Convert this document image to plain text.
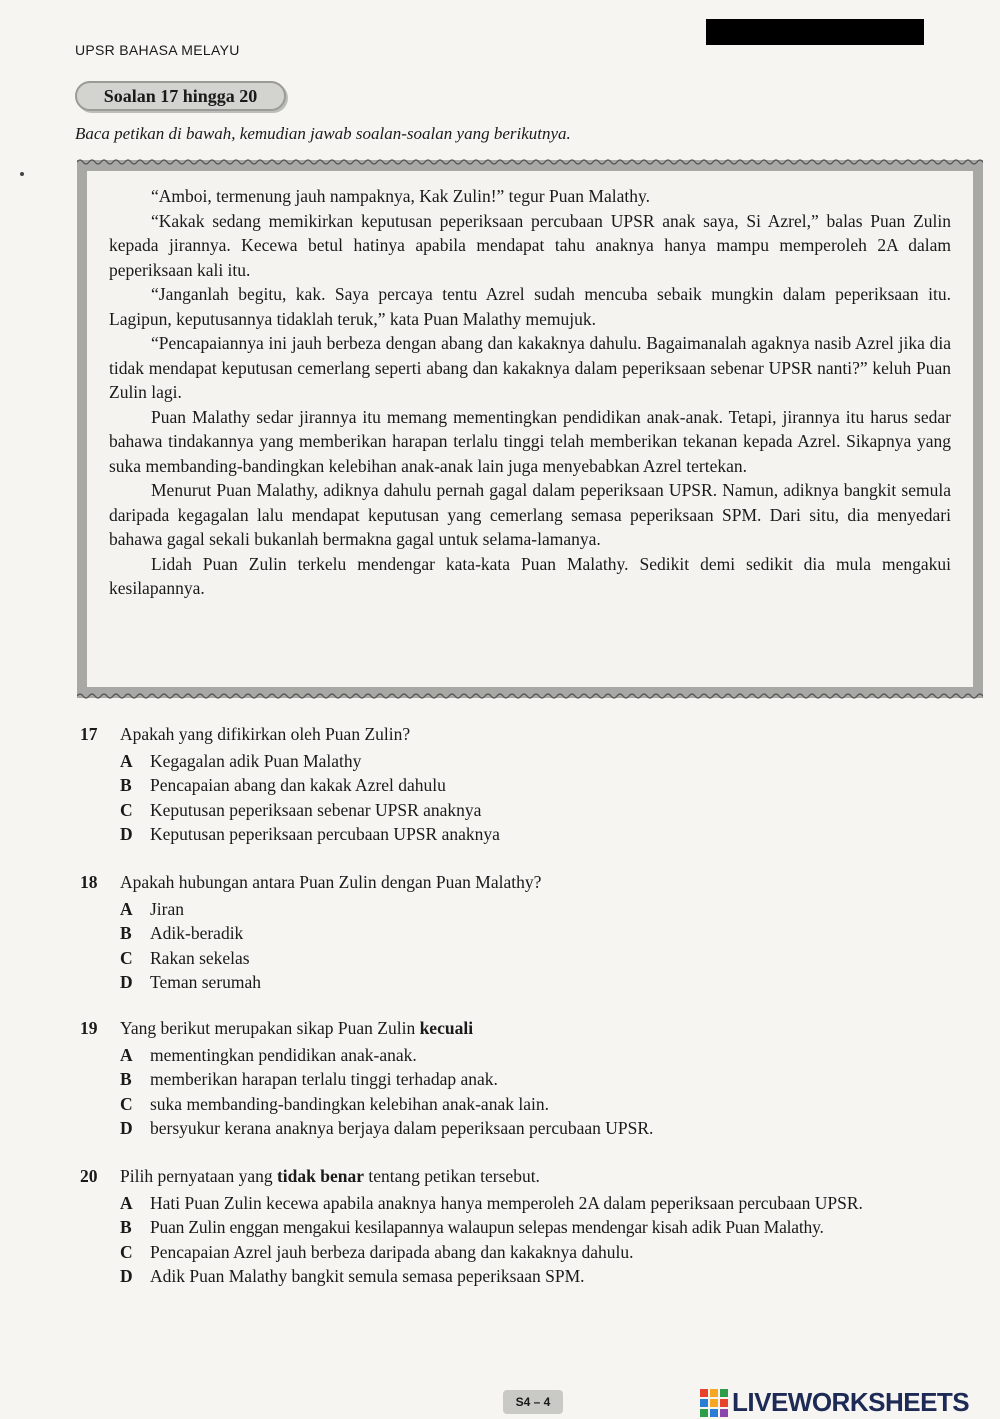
UPSR BAHASA MELAYU
Soalan 17 hingga 20
Baca petikan di bawah, kemudian jawab soalan-soalan yang berikutnya.

“Amboi, termenung jauh nampaknya, Kak Zulin!” tegur Puan Malathy.

“Kakak sedang memikirkan keputusan peperiksaan percubaan UPSR anak saya, Si Azrel,” balas Puan Zulin kepada jirannya. Kecewa betul hatinya apabila mendapat tahu anaknya hanya mampu memperoleh 2A dalam peperiksaan kali itu.

“Janganlah begitu, kak. Saya percaya tentu Azrel sudah mencuba sebaik mungkin dalam peperiksaan itu. Lagipun, keputusannya tidaklah teruk,” kata Puan Malathy memujuk.

“Pencapaiannya ini jauh berbeza dengan abang dan kakaknya dahulu. Bagaimanalah agaknya nasib Azrel jika dia tidak mendapat keputusan cemerlang seperti abang dan kakaknya dalam peperiksaan sebenar UPSR nanti?” keluh Puan Zulin lagi.

Puan Malathy sedar jirannya itu memang mementingkan pendidikan anak-anak. Tetapi, jirannya itu harus sedar bahawa tindakannya yang memberikan harapan terlalu tinggi telah memberikan tekanan kepada Azrel. Sikapnya yang suka membanding-bandingkan kelebihan anak-anak lain juga menyebabkan Azrel tertekan.

Menurut Puan Malathy, adiknya dahulu pernah gagal dalam peperiksaan UPSR. Namun, adiknya bangkit semula daripada kegagalan lalu mendapat keputusan yang cemerlang semasa peperiksaan SPM. Dari situ, dia menyedari bahawa gagal sekali bukanlah bermakna gagal untuk selama-lamanya.

Lidah Puan Zulin terkelu mendengar kata-kata Puan Malathy. Sedikit demi sedikit dia mula mengakui kesilapannya.

17	Apakah yang difikirkan oleh Puan Zulin?
A Kegagalan adik Puan Malathy
B	Pencapaian abang dan kakak Azrel dahulu
C Keputusan peperiksaan sebenar UPSR anaknya
D Keputusan peperiksaan percubaan UPSR anaknya
18	Apakah hubungan antara Puan Zulin dengan Puan Malathy?
A Jiran
B	Adik-beradik
C Rakan sekelas
D Teman serumah
19	Yang berikut merupakan sikap Puan Zulin kecuali
A mementingkan pendidikan anak-anak.
B	memberikan harapan terlalu tinggi terhadap anak.
C suka membanding-bandingkan kelebihan anak-anak lain.
D bersyukur kerana anaknya berjaya dalam peperiksaan percubaan UPSR.
20	Pilih pernyataan yang tidak benar tentang petikan tersebut.
A Hati Puan Zulin kecewa apabila anaknya hanya memperoleh 2A dalam peperiksaan percubaan UPSR.
B	Puan Zulin enggan mengakui kesilapannya walaupun selepas mendengar kisah adik Puan Malathy.
C Pencapaian Azrel jauh berbeza daripada abang dan kakaknya dahulu.
D Adik Puan Malathy bangkit semula semasa peperiksaan SPM.
S4 – 4	LIVEWORKSHEETS
